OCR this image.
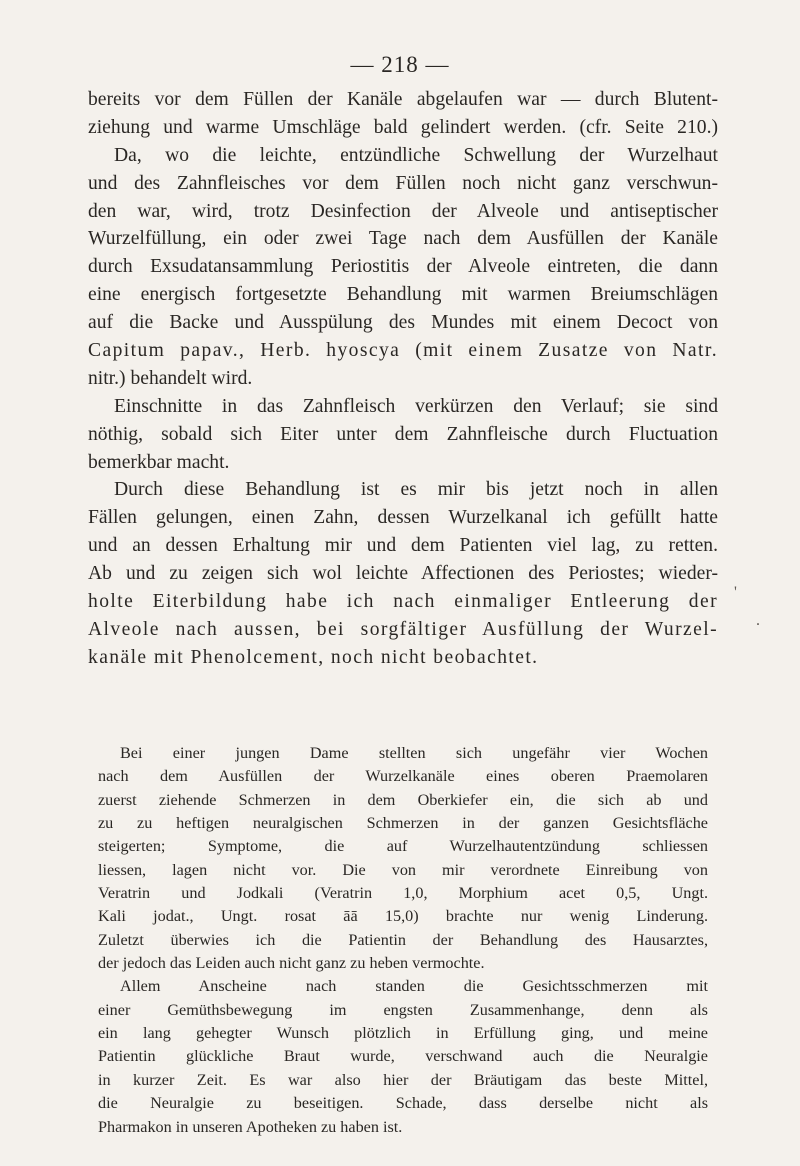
— 218 —
bereits vor dem Füllen der Kanäle abgelaufen war — durch Blutent-
ziehung und warme Umschläge bald gelindert werden. (cfr. Seite 210.)
Da, wo die leichte, entzündliche Schwellung der Wurzelhaut
und des Zahnfleisches vor dem Füllen noch nicht ganz verschwun-
den war, wird, trotz Desinfection der Alveole und antiseptischer
Wurzelfüllung, ein oder zwei Tage nach dem Ausfüllen der Kanäle
durch Exsudatansammlung Periostitis der Alveole eintreten, die dann
eine energisch fortgesetzte Behandlung mit warmen Breiumschlägen
auf die Backe und Ausspülung des Mundes mit einem Decoct von
Capitum papav., Herb. hyoscya (mit einem Zusatze von Natr.
nitr.) behandelt wird.
Einschnitte in das Zahnfleisch verkürzen den Verlauf; sie sind
nöthig, sobald sich Eiter unter dem Zahnfleische durch Fluctuation
bemerkbar macht.
Durch diese Behandlung ist es mir bis jetzt noch in allen
Fällen gelungen, einen Zahn, dessen Wurzelkanal ich gefüllt hatte
und an dessen Erhaltung mir und dem Patienten viel lag, zu retten.
Ab und zu zeigen sich wol leichte Affectionen des Periostes; wieder-
holte Eiterbildung habe ich nach einmaliger Entleerung der
Alveole nach aussen, bei sorgfältiger Ausfüllung der Wurzel-
kanäle mit Phenolcement, noch nicht beobachtet.
'
.
Bei einer jungen Dame stellten sich ungefähr vier Wochen
nach dem Ausfüllen der Wurzelkanäle eines oberen Praemolaren
zuerst ziehende Schmerzen in dem Oberkiefer ein, die sich ab und
zu zu heftigen neuralgischen Schmerzen in der ganzen Gesichtsfläche
steigerten; Symptome, die auf Wurzelhautentzündung schliessen
liessen, lagen nicht vor. Die von mir verordnete Einreibung von
Veratrin und Jodkali (Veratrin 1,0, Morphium acet 0,5, Ungt.
Kali jodat., Ungt. rosat āā 15,0) brachte nur wenig Linderung.
Zuletzt überwies ich die Patientin der Behandlung des Hausarztes,
der jedoch das Leiden auch nicht ganz zu heben vermochte.
Allem Anscheine nach standen die Gesichtsschmerzen mit
einer Gemüthsbewegung im engsten Zusammenhange, denn als
ein lang gehegter Wunsch plötzlich in Erfüllung ging, und meine
Patientin glückliche Braut wurde, verschwand auch die Neuralgie
in kurzer Zeit. Es war also hier der Bräutigam das beste Mittel,
die Neuralgie zu beseitigen. Schade, dass derselbe nicht als
Pharmakon in unseren Apotheken zu haben ist.
